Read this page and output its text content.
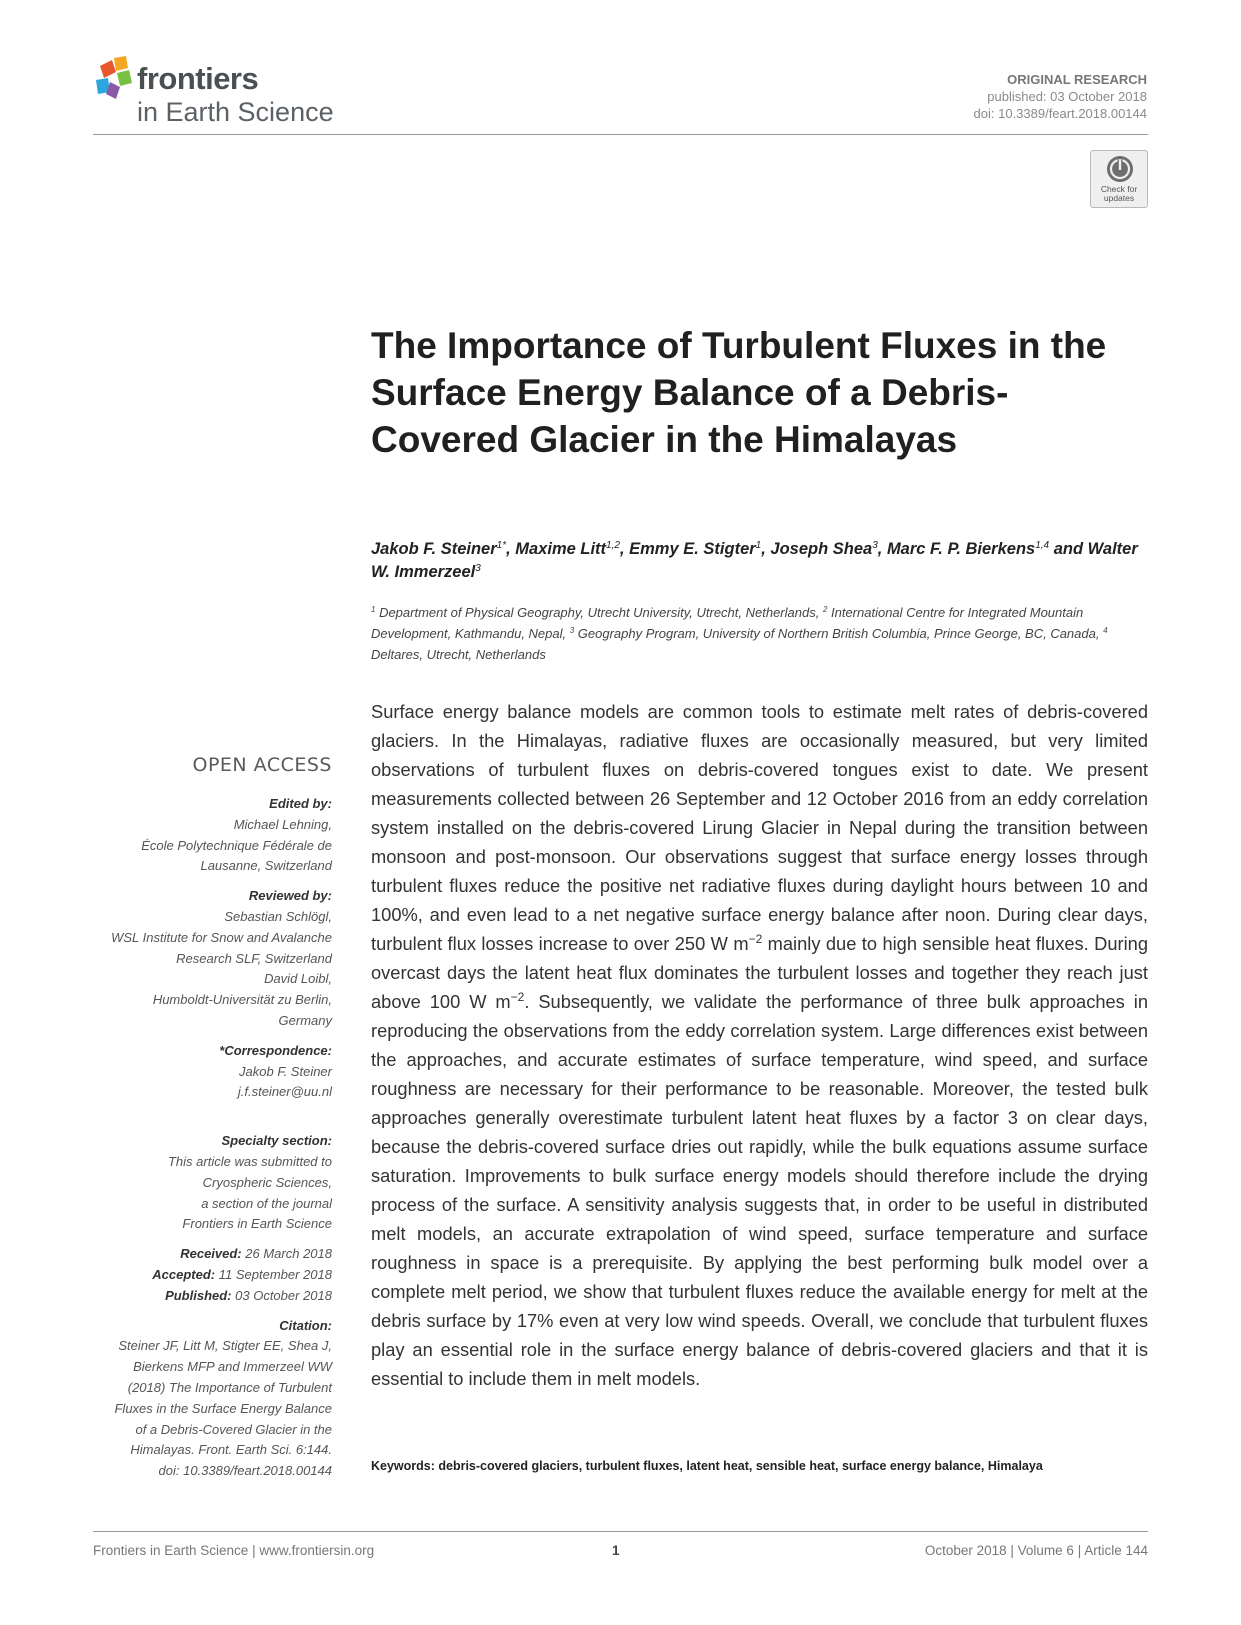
frontiers
in Earth Science
ORIGINAL RESEARCH
published: 03 October 2018
doi: 10.3389/feart.2018.00144
Check for
updates
The Importance of Turbulent Fluxes in the Surface Energy Balance of a Debris-Covered Glacier in the Himalayas
Jakob F. Steiner$^{1*}$, Maxime Litt$^{1,2}$, Emmy E. Stigter$^1$, Joseph Shea$^3$, Marc F. P. Bierkens$^{1,4}$ and Walter W. Immerzeel$^3$
$^1$ Department of Physical Geography, Utrecht University, Utrecht, Netherlands, $^2$ International Centre for Integrated Mountain Development, Kathmandu, Nepal, $^3$ Geography Program, University of Northern British Columbia, Prince George, BC, Canada, $^4$ Deltares, Utrecht, Netherlands
OPEN ACCESS
Edited by:
Michael Lehning,
École Polytechnique Fédérale de
Lausanne, Switzerland
Reviewed by:
Sebastian Schlögl,
WSL Institute for Snow and Avalanche
Research SLF, Switzerland
David Loibl,
Humboldt-Universität zu Berlin,
Germany
*Correspondence:
Jakob F. Steiner
j.f.steiner@uu.nl
Specialty section:
This article was submitted to
Cryospheric Sciences,
a section of the journal
Frontiers in Earth Science
Received: 26 March 2018
Accepted: 11 September 2018
Published: 03 October 2018
Citation:
Steiner JF, Litt M, Stigter EE, Shea J,
Bierkens MFP and Immerzeel WW
(2018) The Importance of Turbulent
Fluxes in the Surface Energy Balance
of a Debris-Covered Glacier in the
Himalayas. Front. Earth Sci. 6:144.
doi: 10.3389/feart.2018.00144

Surface energy balance models are common tools to estimate melt rates of debris-covered glaciers. In the Himalayas, radiative fluxes are occasionally measured, but very limited observations of turbulent fluxes on debris-covered tongues exist to date. We present measurements collected between 26 September and 12 October 2016 from an eddy correlation system installed on the debris-covered Lirung Glacier in Nepal during the transition between monsoon and post-monsoon. Our observations suggest that surface energy losses through turbulent fluxes reduce the positive net radiative fluxes during daylight hours between 10 and 100%, and even lead to a net negative surface energy balance after noon. During clear days, turbulent flux losses increase to over 250 W $m^{-2}$ mainly due to high sensible heat fluxes. During overcast days the latent heat flux dominates the turbulent losses and together they reach just above 100 W $m^{-2}$. Subsequently, we validate the performance of three bulk approaches in reproducing the observations from the eddy correlation system. Large differences exist between the approaches, and accurate estimates of surface temperature, wind speed, and surface roughness are necessary for their performance to be reasonable. Moreover, the tested bulk approaches generally overestimate turbulent latent heat fluxes by a factor 3 on clear days, because the debris-covered surface dries out rapidly, while the bulk equations assume surface saturation. Improvements to bulk surface energy models should therefore include the drying process of the surface. A sensitivity analysis suggests that, in order to be useful in distributed melt models, an accurate extrapolation of wind speed, surface temperature and surface roughness in space is a prerequisite. By applying the best performing bulk model over a complete melt period, we show that turbulent fluxes reduce the available energy for melt at the debris surface by 17% even at very low wind speeds. Overall, we conclude that turbulent fluxes play an essential role in the surface energy balance of debris-covered glaciers and that it is essential to include them in melt models.

Keywords: debris-covered glaciers, turbulent fluxes, latent heat, sensible heat, surface energy balance, Himalaya
Frontiers in Earth Science | www.frontiersin.org	1	October 2018 | Volume 6 | Article 144
